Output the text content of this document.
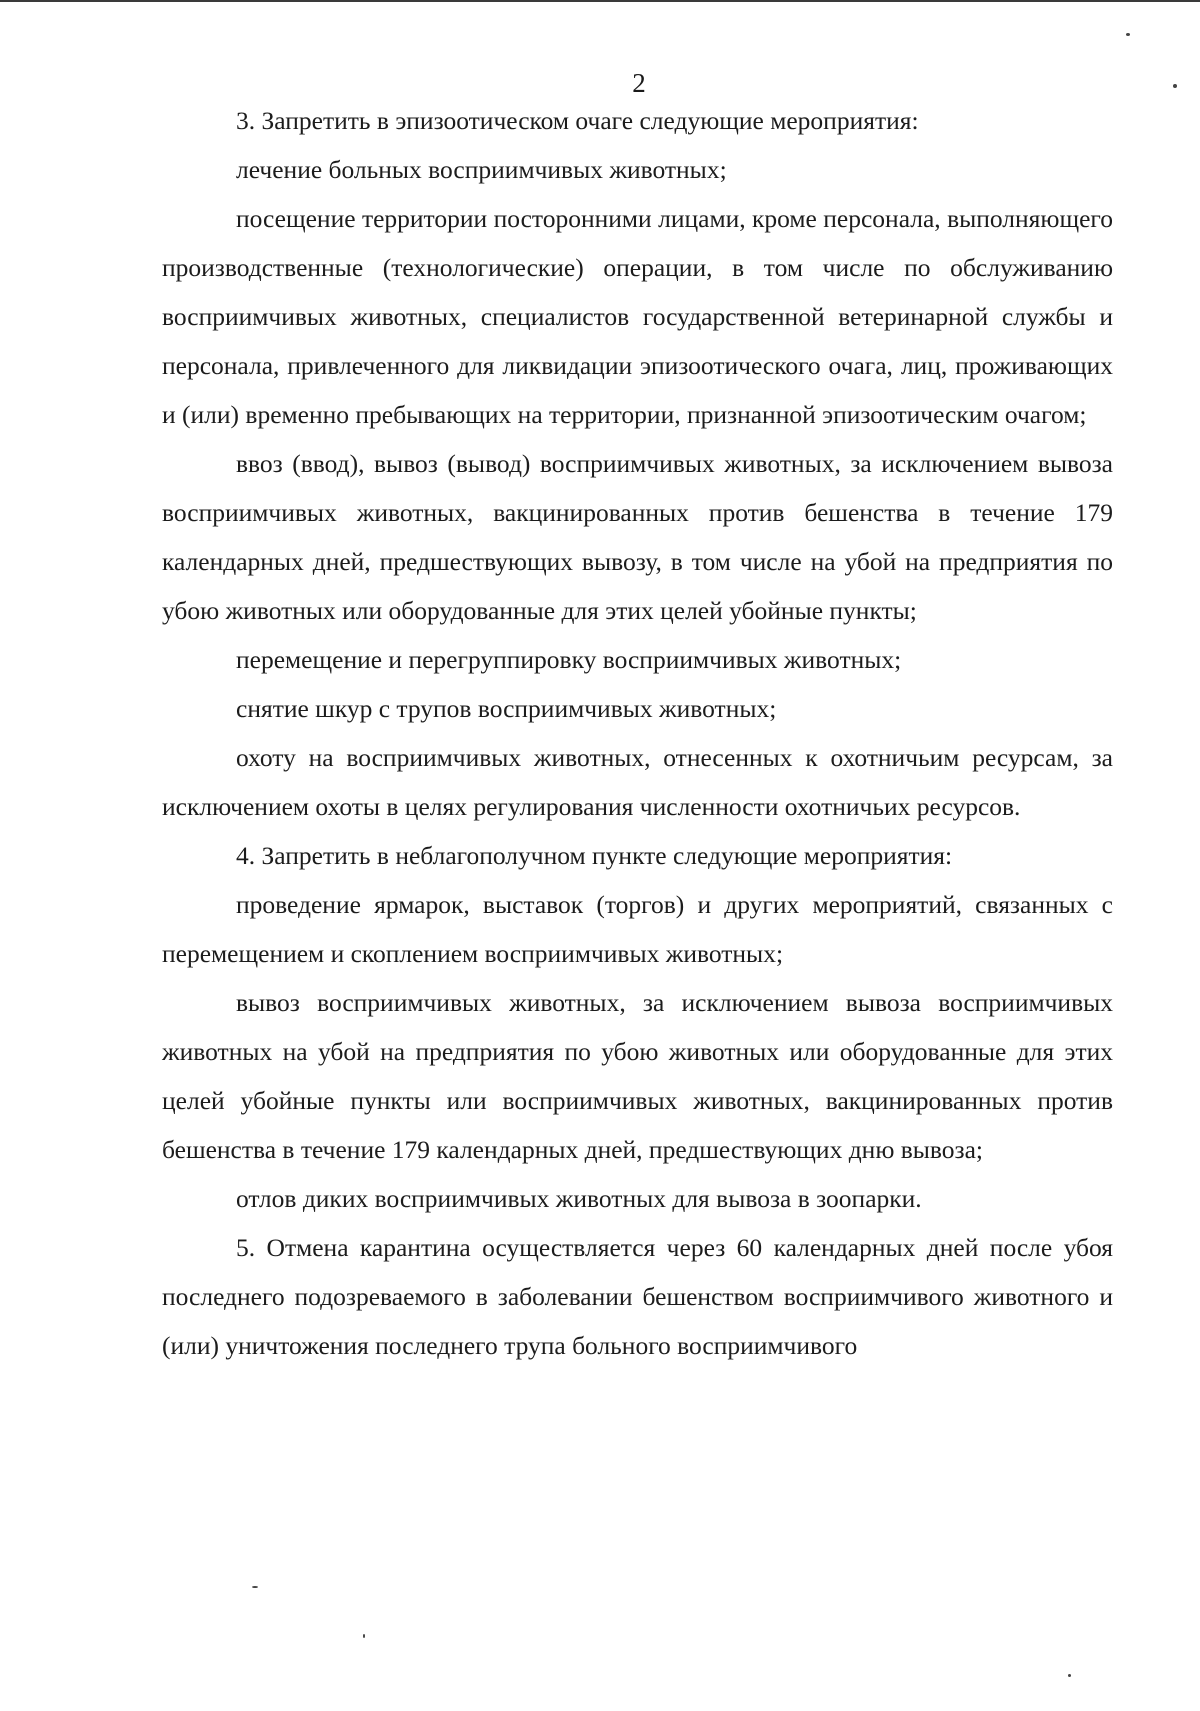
2

3. Запретить в эпизоотическом очаге следующие мероприятия:

лечение больных восприимчивых животных;

посещение территории посторонними лицами, кроме персонала, выполняющего производственные (технологические) операции, в том числе по обслуживанию восприимчивых животных, специалистов государственной ветеринарной службы и персонала, привлеченного для ликвидации эпизоотического очага, лиц, проживающих и (или) временно пребывающих на территории, признанной эпизоотическим очагом;

ввоз (ввод), вывоз (вывод) восприимчивых животных, за исключением вывоза восприимчивых животных, вакцинированных против бешенства в течение 179 календарных дней, предшествующих вывозу, в том числе на убой на предприятия по убою животных или оборудованные для этих целей убойные пункты;

перемещение и перегруппировку восприимчивых животных;

снятие шкур с трупов восприимчивых животных;

охоту на восприимчивых животных, отнесенных к охотничьим ресурсам, за исключением охоты в целях регулирования численности охотничьих ресурсов.

4. Запретить в неблагополучном пункте следующие мероприятия:

проведение ярмарок, выставок (торгов) и других мероприятий, связанных с перемещением и скоплением восприимчивых животных;

вывоз восприимчивых животных, за исключением вывоза восприимчивых животных на убой на предприятия по убою животных или оборудованные для этих целей убойные пункты или восприимчивых животных, вакцинированных против бешенства в течение 179 календарных дней, предшествующих дню вывоза;

отлов диких восприимчивых животных для вывоза в зоопарки.

5. Отмена карантина осуществляется через 60 календарных дней после убоя последнего подозреваемого в заболевании бешенством восприимчивого животного и (или) уничтожения последнего трупа больного восприимчивого
